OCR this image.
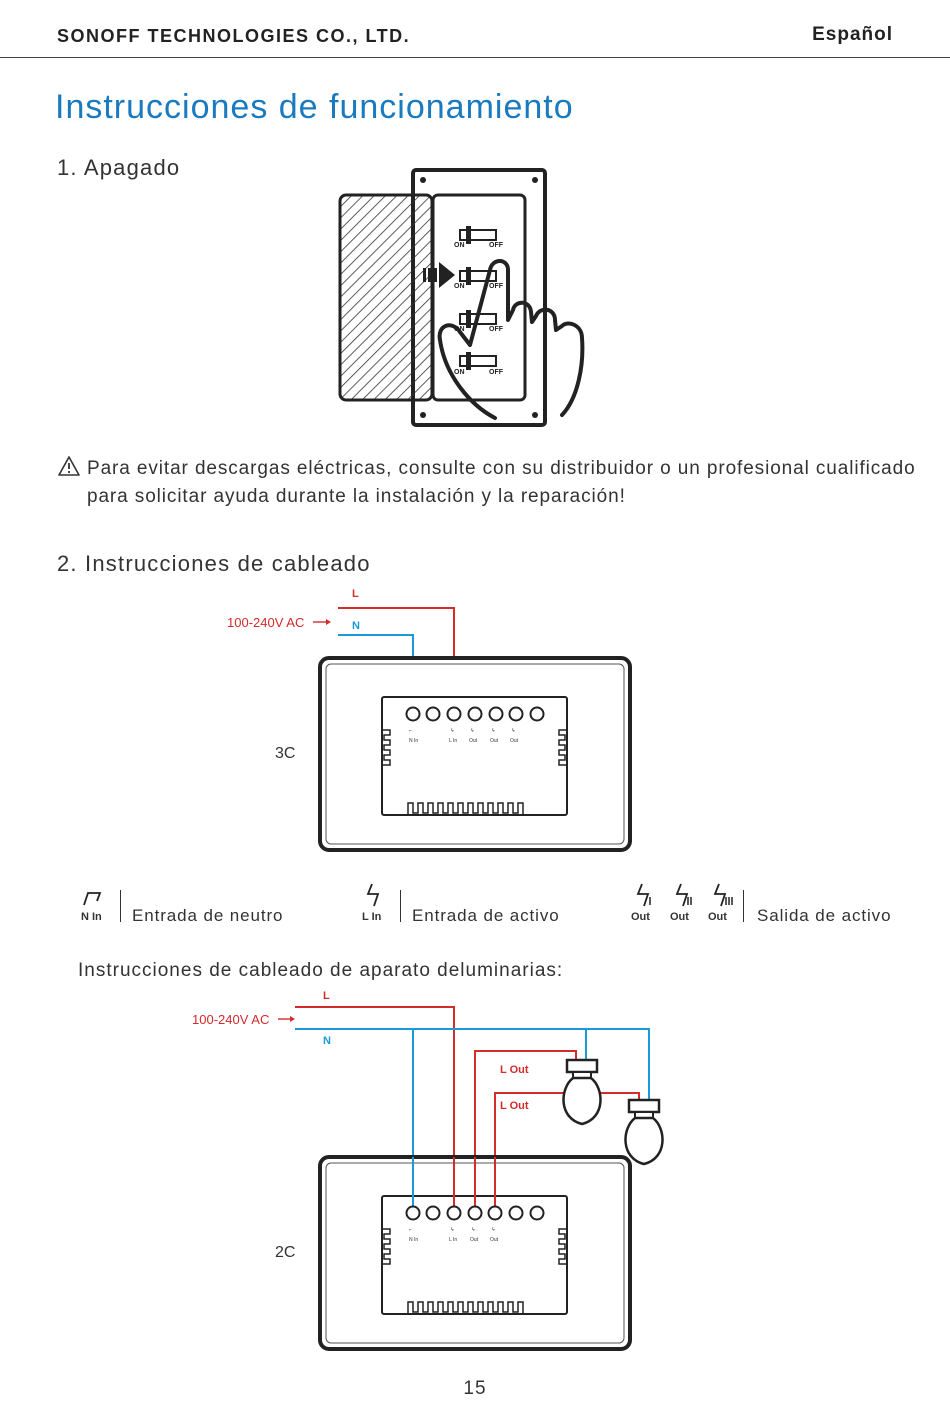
SONOFF TECHNOLOGIES CO., LTD.	Español
Instrucciones de funcionamiento
1. Apagado
ON	OFF
ON	OFF
ON	OFF
ON	OFF
Para evitar descargas eléctricas, consulte con su distribuidor o un profesional cualificado para solicitar ayuda durante la instalación y la reparación!
2. Instrucciones de cableado
L
N
100-240V AC
3C
⌐
N In
ϟ
L In
ϟ
Out
ϟ
Out
ϟ
Out
N In Entrada de neutro	L In Entrada de activo	Out Out Out Salida de activo
Instrucciones de cableado de aparato deluminarias:
L
N
100-240V AC
L Out
L Out
2C
⌐
N In
ϟ
L In
ϟ
Out
ϟ
Out
15
